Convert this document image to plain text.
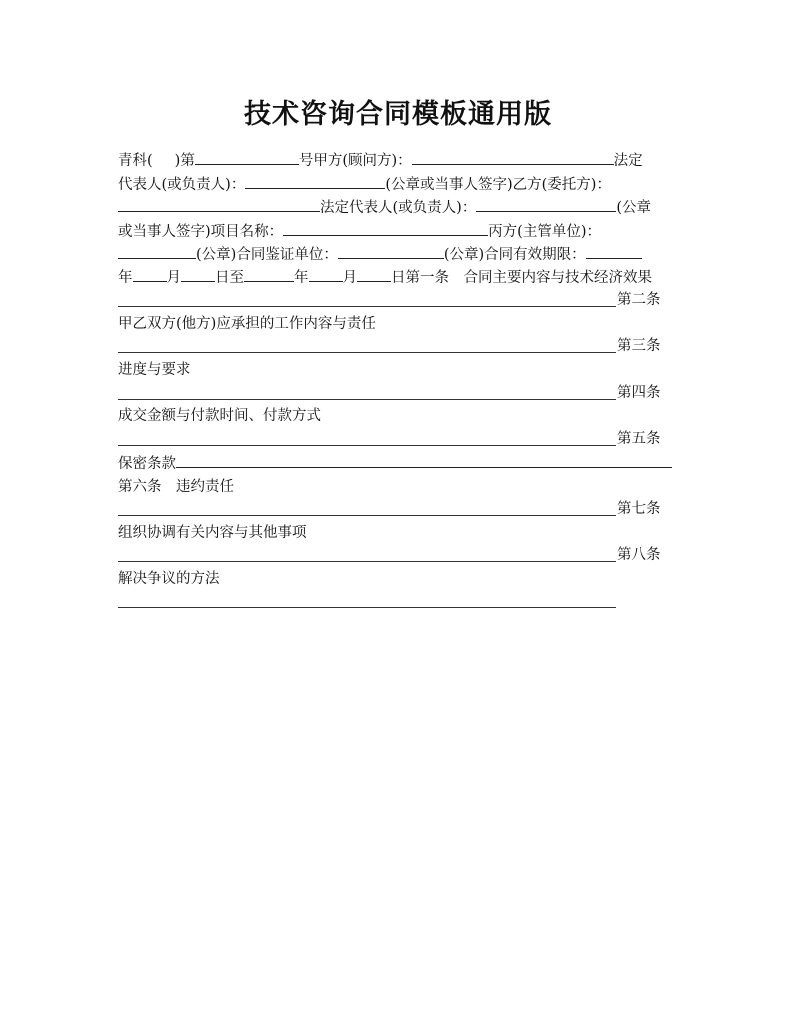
技术咨询合同模板通用版
青科( )第	号甲方(顾问方)：	法定
代表人(或负责人)：	(公章或当事人签字)乙方(委托方)：
法定代表人(或负责人)：	(公章
或当事人签字)项目名称：	丙方(主管单位)：
(公章)合同鉴证单位：	(公章)合同有效期限：
年 月 日至	年 月 日第一条　合同主要内容与技术经济效果
第二条
甲乙双方(他方)应承担的工作内容与责任
第三条
进度与要求
第四条
成交金额与付款时间、付款方式
第五条
保密条款
第六条　违约责任
第七条
组织协调有关内容与其他事项
第八条
解决争议的方法
